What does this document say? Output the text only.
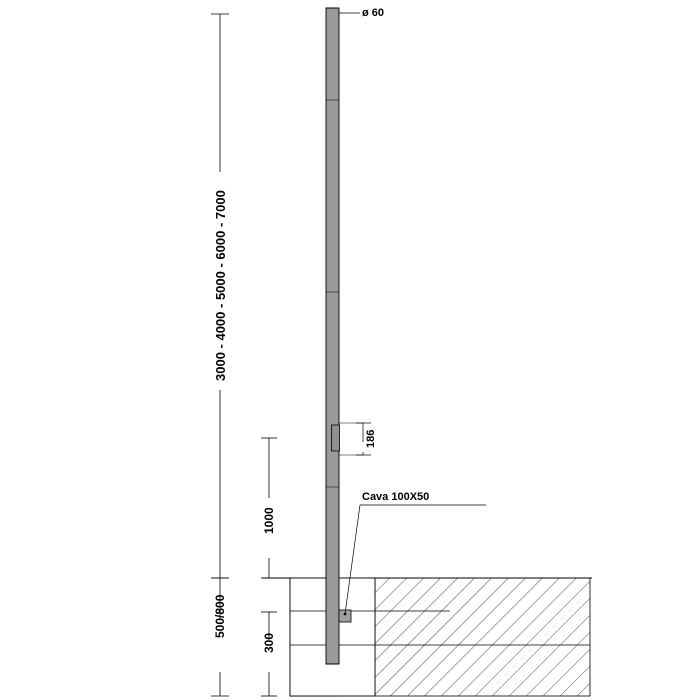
ø 60
Cava 100X50
3000 - 4000 - 5000 - 6000 - 7000
1000
500/800
300
186
